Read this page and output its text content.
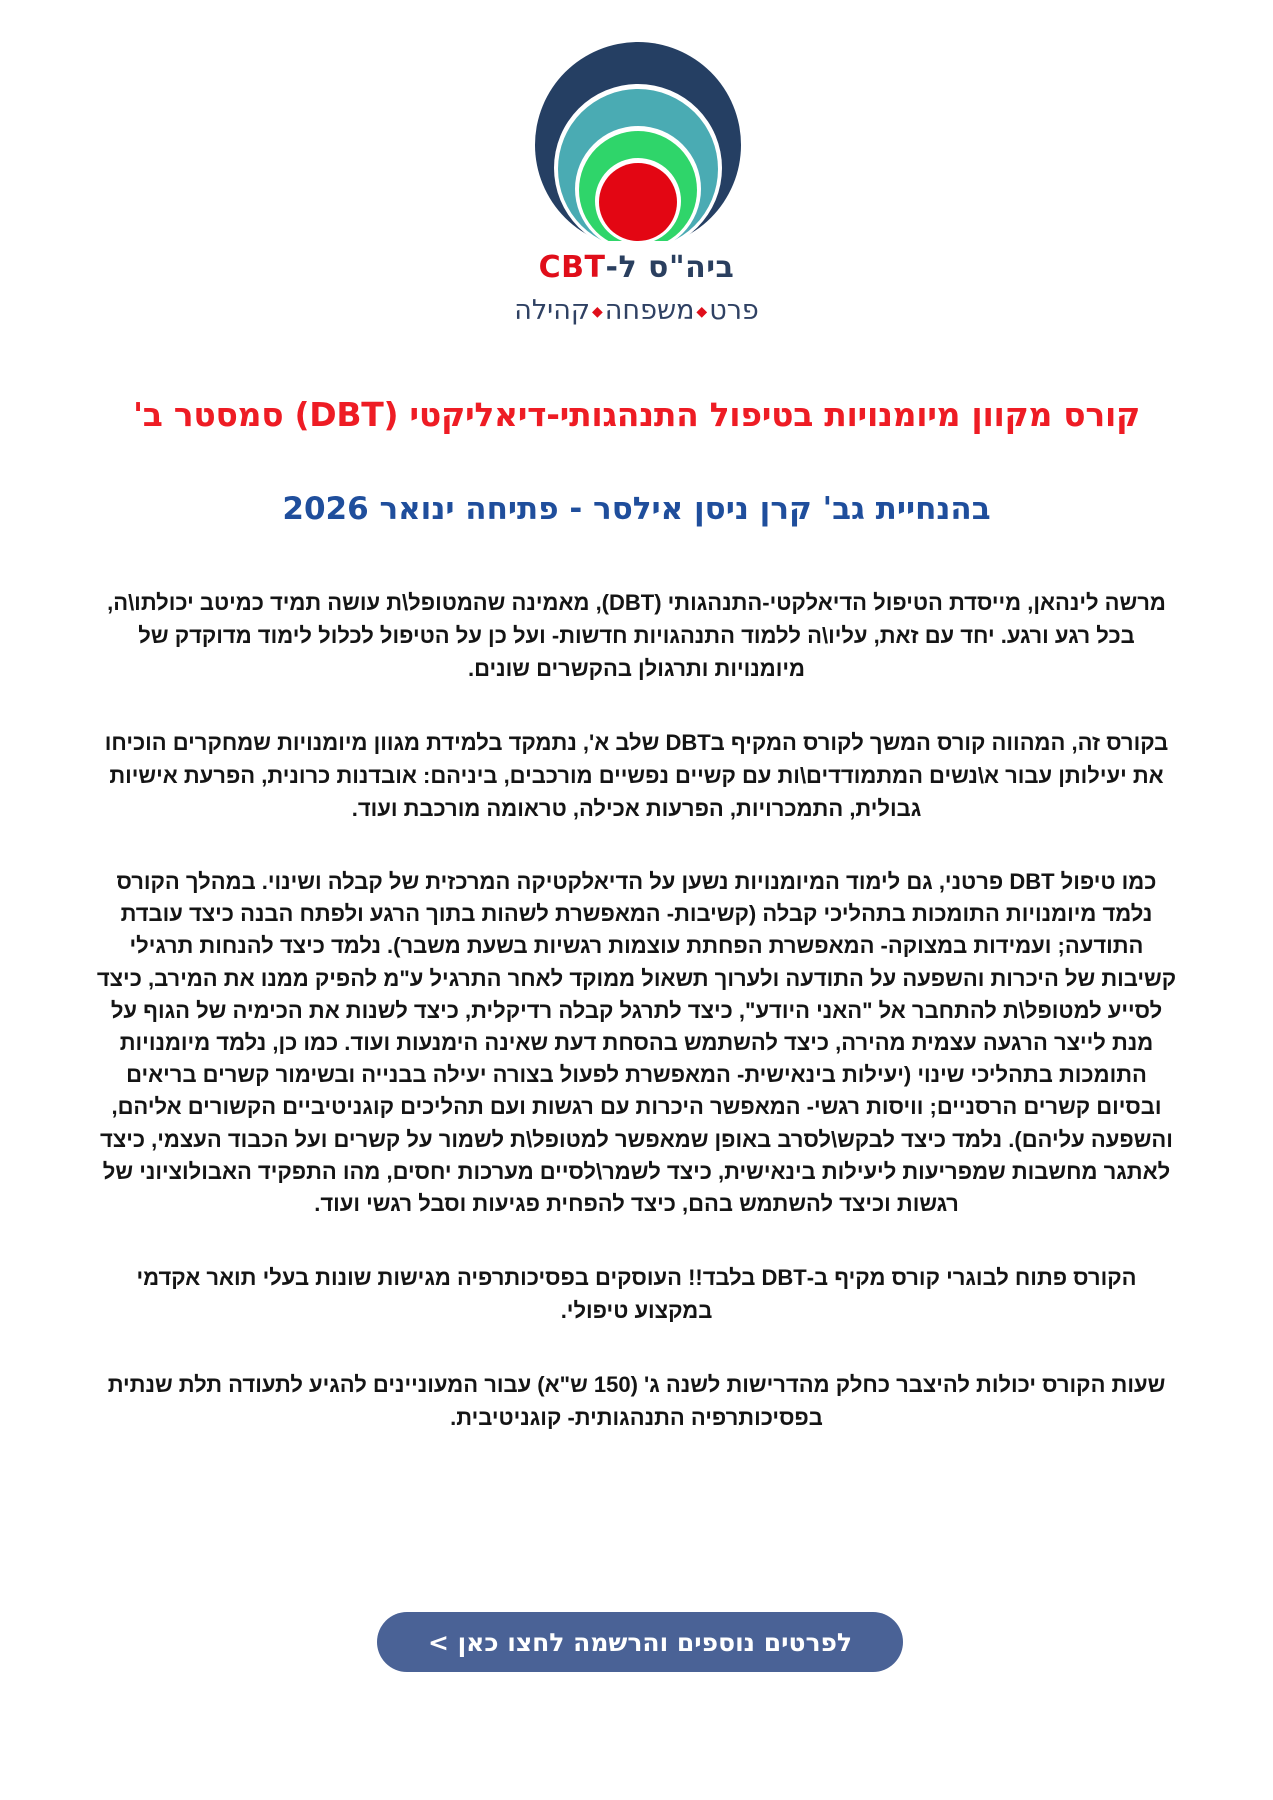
ביה"ס ל-CBT
פרט◆משפחה◆קהילה
קורס מקוון מיומנויות בטיפול התנהגותי-דיאליקטי (DBT) סמסטר ב'
בהנחיית גב' קרן ניסן אילסר - פתיחה ינואר 2026

מרשה לינהאן, מייסדת הטיפול הדיאלקטי-התנהגותי (DBT), מאמינה שהמטופל\ת עושה תמיד כמיטב יכולתו\ה, בכל רגע ורגע. יחד עם זאת, עליו\ה ללמוד התנהגויות חדשות- ועל כן על הטיפול לכלול לימוד מדוקדק של מיומנויות ותרגולן בהקשרים שונים.

בקורס זה, המהווה קורס המשך לקורס המקיף בDBT שלב א', נתמקד בלמידת מגוון מיומנויות שמחקרים הוכיחו את יעילותן עבור א\נשים המתמודדים\ות עם קשיים נפשיים מורכבים, ביניהם: אובדנות כרונית, הפרעת אישיות גבולית, התמכרויות, הפרעות אכילה, טראומה מורכבת ועוד.

כמו טיפול DBT פרטני, גם לימוד המיומנויות נשען על הדיאלקטיקה המרכזית של קבלה ושינוי. במהלך הקורס נלמד מיומנויות התומכות בתהליכי קבלה (קשיבות- המאפשרת לשהות בתוך הרגע ולפתח הבנה כיצד עובדת התודעה; ועמידות במצוקה- המאפשרת הפחתת עוצמות רגשיות בשעת משבר). נלמד כיצד להנחות תרגילי קשיבות של היכרות והשפעה על התודעה ולערוך תשאול ממוקד לאחר התרגיל ע"מ להפיק ממנו את המירב, כיצד לסייע למטופל\ת להתחבר אל "האני היודע", כיצד לתרגל קבלה רדיקלית, כיצד לשנות את הכימיה של הגוף על מנת לייצר הרגעה עצמית מהירה, כיצד להשתמש בהסחת דעת שאינה הימנעות ועוד. כמו כן, נלמד מיומנויות התומכות בתהליכי שינוי (יעילות בינאישית- המאפשרת לפעול בצורה יעילה בבנייה ובשימור קשרים בריאים ובסיום קשרים הרסניים; וויסות רגשי- המאפשר היכרות עם רגשות ועם תהליכים קוגניטיביים הקשורים אליהם, והשפעה עליהם). נלמד כיצד לבקש\לסרב באופן שמאפשר למטופל\ת לשמור על קשרים ועל הכבוד העצמי, כיצד לאתגר מחשבות שמפריעות ליעילות בינאישית, כיצד לשמר\לסיים מערכות יחסים, מהו התפקיד האבולוציוני של רגשות וכיצד להשתמש בהם, כיצד להפחית פגיעות וסבל רגשי ועוד.

הקורס פתוח לבוגרי קורס מקיף ב-DBT בלבד!! העוסקים בפסיכותרפיה מגישות שונות בעלי תואר אקדמי במקצוע טיפולי.

שעות הקורס יכולות להיצבר כחלק מהדרישות לשנה ג' (150 ש"א) עבור המעוניינים להגיע לתעודה תלת שנתית בפסיכותרפיה התנהגותית- קוגניטיבית.

לפרטים נוספים והרשמה לחצו כאן >
